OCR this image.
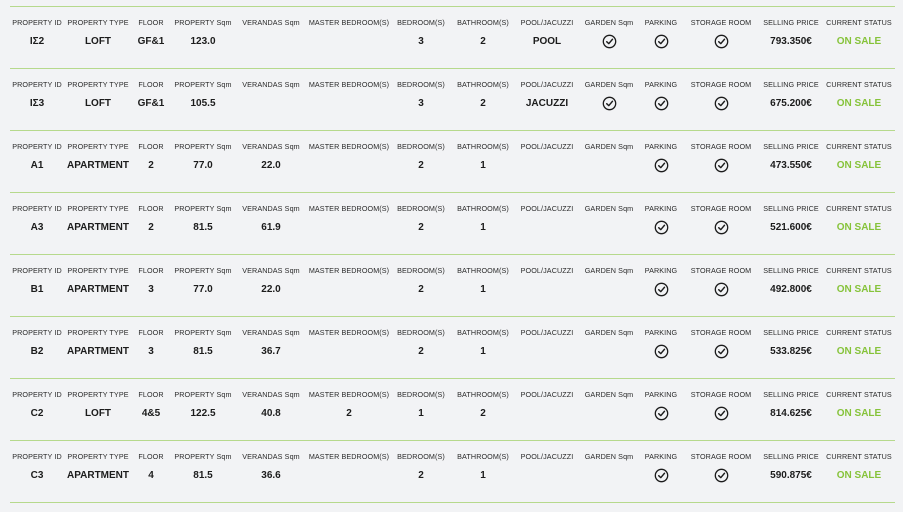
PROPERTY ID
ΙΣ2
PROPERTY TYPE
LOFT
FLOOR
GF&1
PROPERTY Sqm
123.0
VERANDAS Sqm MASTER BEDROOM(S) BEDROOM(S)
3
BATHROOM(S)
2
POOL/JACUZZI
POOL
GARDEN Sqm PARKING STORAGE ROOM SELLING PRICE
793.350€
CURRENT STATUS
ON SALE
PROPERTY ID
ΙΣ3
PROPERTY TYPE
LOFT
FLOOR
GF&1
PROPERTY Sqm
105.5
VERANDAS Sqm MASTER BEDROOM(S) BEDROOM(S)
3
BATHROOM(S)
2
POOL/JACUZZI
JACUZZI
GARDEN Sqm PARKING STORAGE ROOM SELLING PRICE
675.200€
CURRENT STATUS
ON SALE
PROPERTY ID
A1
PROPERTY TYPE
APARTMENT
FLOOR
2
PROPERTY Sqm
77.0
VERANDAS Sqm
22.0
MASTER BEDROOM(S) BEDROOM(S)
2
BATHROOM(S)
1
POOL/JACUZZI GARDEN Sqm PARKING STORAGE ROOM SELLING PRICE
473.550€
CURRENT STATUS
ON SALE
PROPERTY ID
A3
PROPERTY TYPE
APARTMENT
FLOOR
2
PROPERTY Sqm
81.5
VERANDAS Sqm
61.9
MASTER BEDROOM(S) BEDROOM(S)
2
BATHROOM(S)
1
POOL/JACUZZI GARDEN Sqm PARKING STORAGE ROOM SELLING PRICE
521.600€
CURRENT STATUS
ON SALE
PROPERTY ID
B1
PROPERTY TYPE
APARTMENT
FLOOR
3
PROPERTY Sqm
77.0
VERANDAS Sqm
22.0
MASTER BEDROOM(S) BEDROOM(S)
2
BATHROOM(S)
1
POOL/JACUZZI GARDEN Sqm PARKING STORAGE ROOM SELLING PRICE
492.800€
CURRENT STATUS
ON SALE
PROPERTY ID
B2
PROPERTY TYPE
APARTMENT
FLOOR
3
PROPERTY Sqm
81.5
VERANDAS Sqm
36.7
MASTER BEDROOM(S) BEDROOM(S)
2
BATHROOM(S)
1
POOL/JACUZZI GARDEN Sqm PARKING STORAGE ROOM SELLING PRICE
533.825€
CURRENT STATUS
ON SALE
PROPERTY ID
C2
PROPERTY TYPE
LOFT
FLOOR
4&5
PROPERTY Sqm
122.5
VERANDAS Sqm
40.8
MASTER BEDROOM(S)
2
BEDROOM(S)
1
BATHROOM(S)
2
POOL/JACUZZI GARDEN Sqm PARKING STORAGE ROOM SELLING PRICE
814.625€
CURRENT STATUS
ON SALE
PROPERTY ID
C3
PROPERTY TYPE
APARTMENT
FLOOR
4
PROPERTY Sqm
81.5
VERANDAS Sqm
36.6
MASTER BEDROOM(S) BEDROOM(S)
2
BATHROOM(S)
1
POOL/JACUZZI GARDEN Sqm PARKING STORAGE ROOM SELLING PRICE
590.875€
CURRENT STATUS
ON SALE
